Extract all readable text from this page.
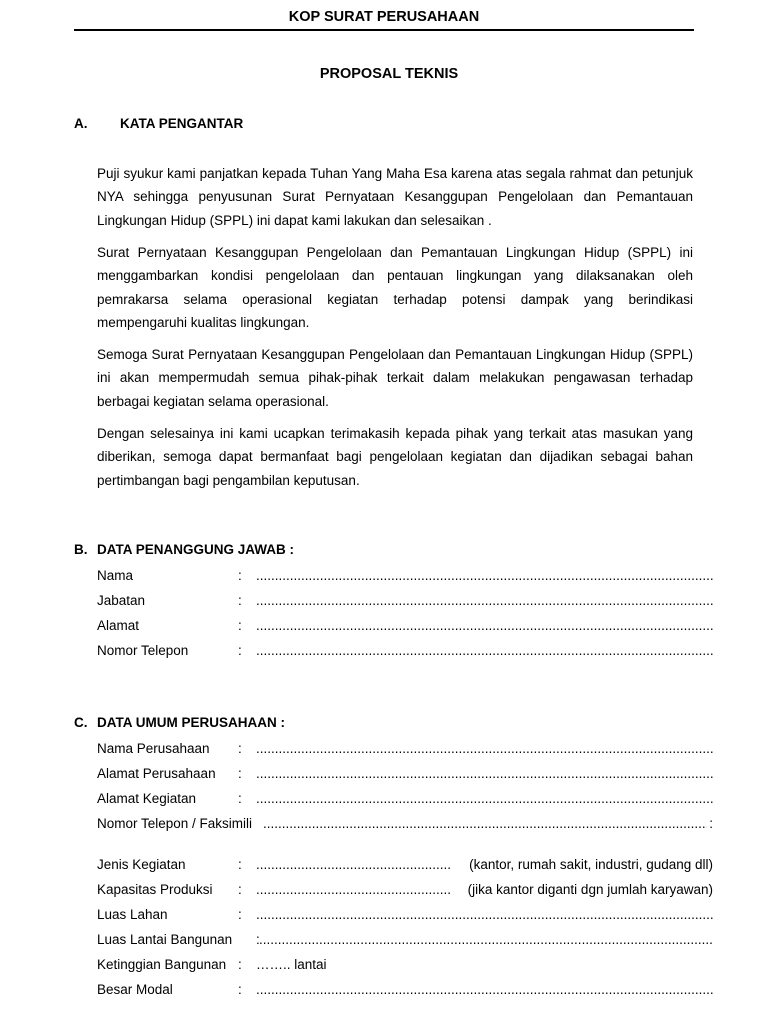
KOP SURAT PERUSAHAAN
PROPOSAL TEKNIS
A. KATA PENGANTAR

Puji syukur kami panjatkan kepada Tuhan Yang Maha Esa karena atas segala rahmat dan petunjuk NYA sehingga penyusunan Surat Pernyataan Kesanggupan Pengelolaan dan Pemantauan Lingkungan Hidup (SPPL) ini dapat kami lakukan dan selesaikan .

Surat Pernyataan Kesanggupan Pengelolaan dan Pemantauan Lingkungan Hidup (SPPL) ini menggambarkan kondisi pengelolaan dan pentauan lingkungan yang dilaksanakan oleh pemrakarsa selama operasional kegiatan terhadap potensi dampak yang berindikasi mempengaruhi kualitas lingkungan.

Semoga Surat Pernyataan Kesanggupan Pengelolaan dan Pemantauan Lingkungan Hidup (SPPL) ini akan mempermudah semua pihak-pihak terkait dalam melakukan pengawasan terhadap berbagai kegiatan selama operasional.

Dengan selesainya ini kami ucapkan terimakasih kepada pihak yang terkait atas masukan yang diberikan, semoga dapat bermanfaat bagi pengelolaan kegiatan dan dijadikan sebagai bahan pertimbangan bagi pengambilan keputusan.

B. DATA PENANGGUNG JAWAB :
Nama	:
.....
Jabatan	:
.....
Alamat	:
.....
Nomor Telepon	:
.....
C. DATA UMUM PERUSAHAAN :
Nama Perusahaan :
.....
Alamat Perusahaan :
.....
Alamat Kegiatan	:
.....
Nomor Telepon / Faksimili .....	:
Jenis Kegiatan	: .....	(kantor, rumah sakit, industri, gudang dll)
Kapasitas Produksi : .....	(jika kantor diganti dgn jumlah karyawan)
Luas Lahan	:
.....
Luas Lantai Bangunan :
.....
Ketinggian Bangunan : …….. lantai
Besar Modal	:
.....
